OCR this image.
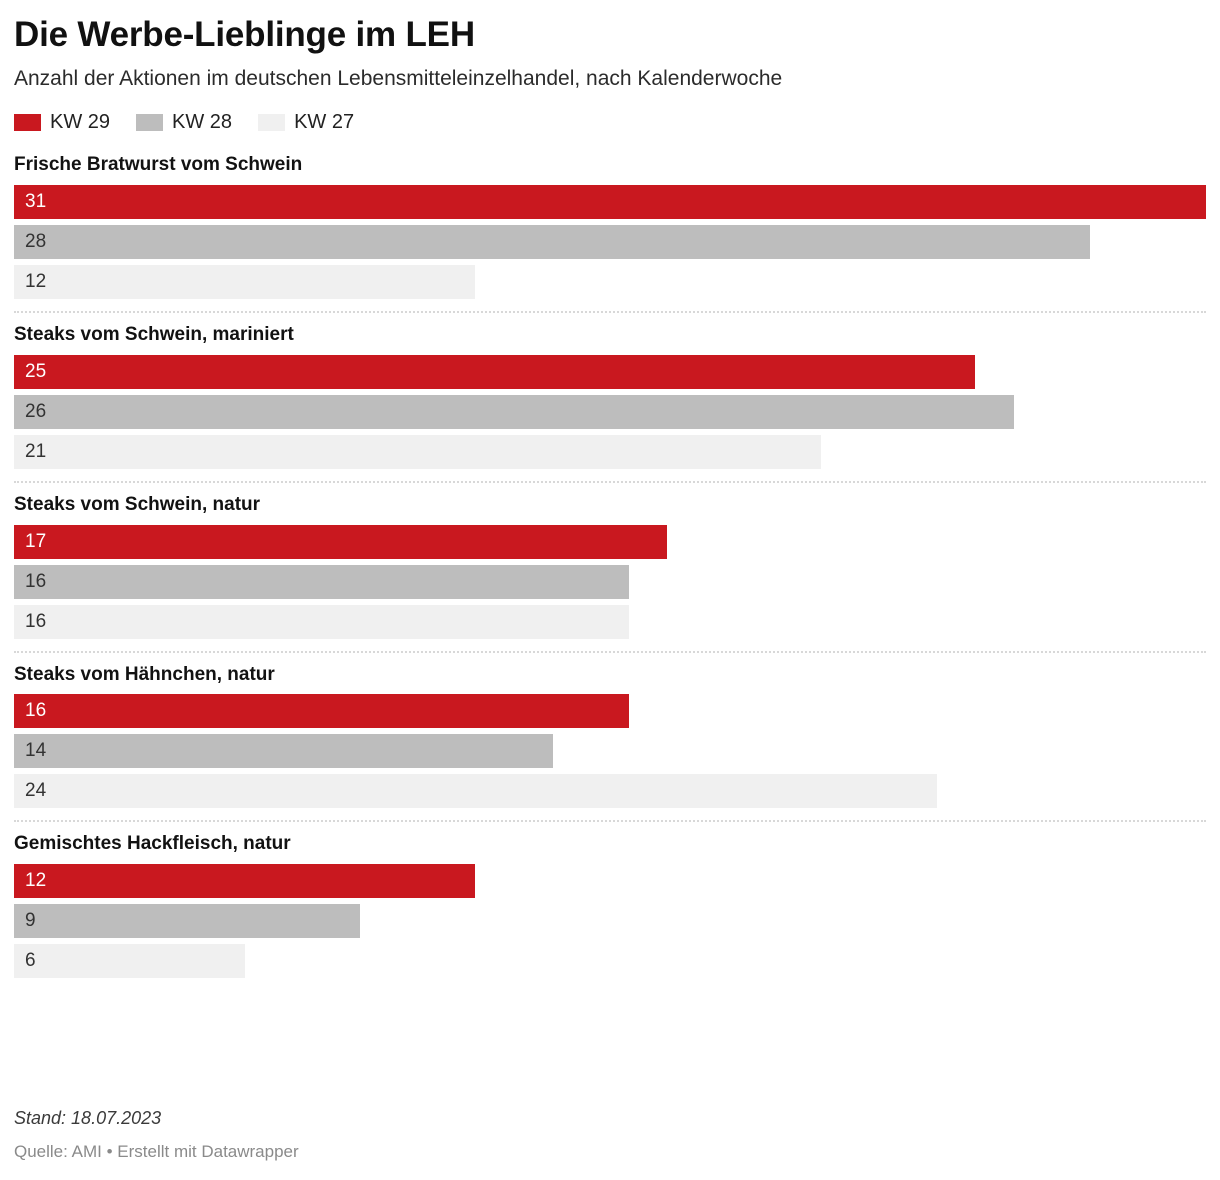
Die Werbe-Lieblinge im LEH

Anzahl der Aktionen im deutschen Lebensmitteleinzelhandel, nach Kalenderwoche

KW 29	KW 28	KW 27
Frische Bratwurst vom Schwein
31
28
12
Steaks vom Schwein, mariniert
25
26
21
Steaks vom Schwein, natur
17
16
16
Steaks vom Hähnchen, natur
16
14
24
Gemischtes Hackfleisch, natur
12
9
6

Stand: 18.07.2023

Quelle: AMI • Erstellt mit Datawrapper
